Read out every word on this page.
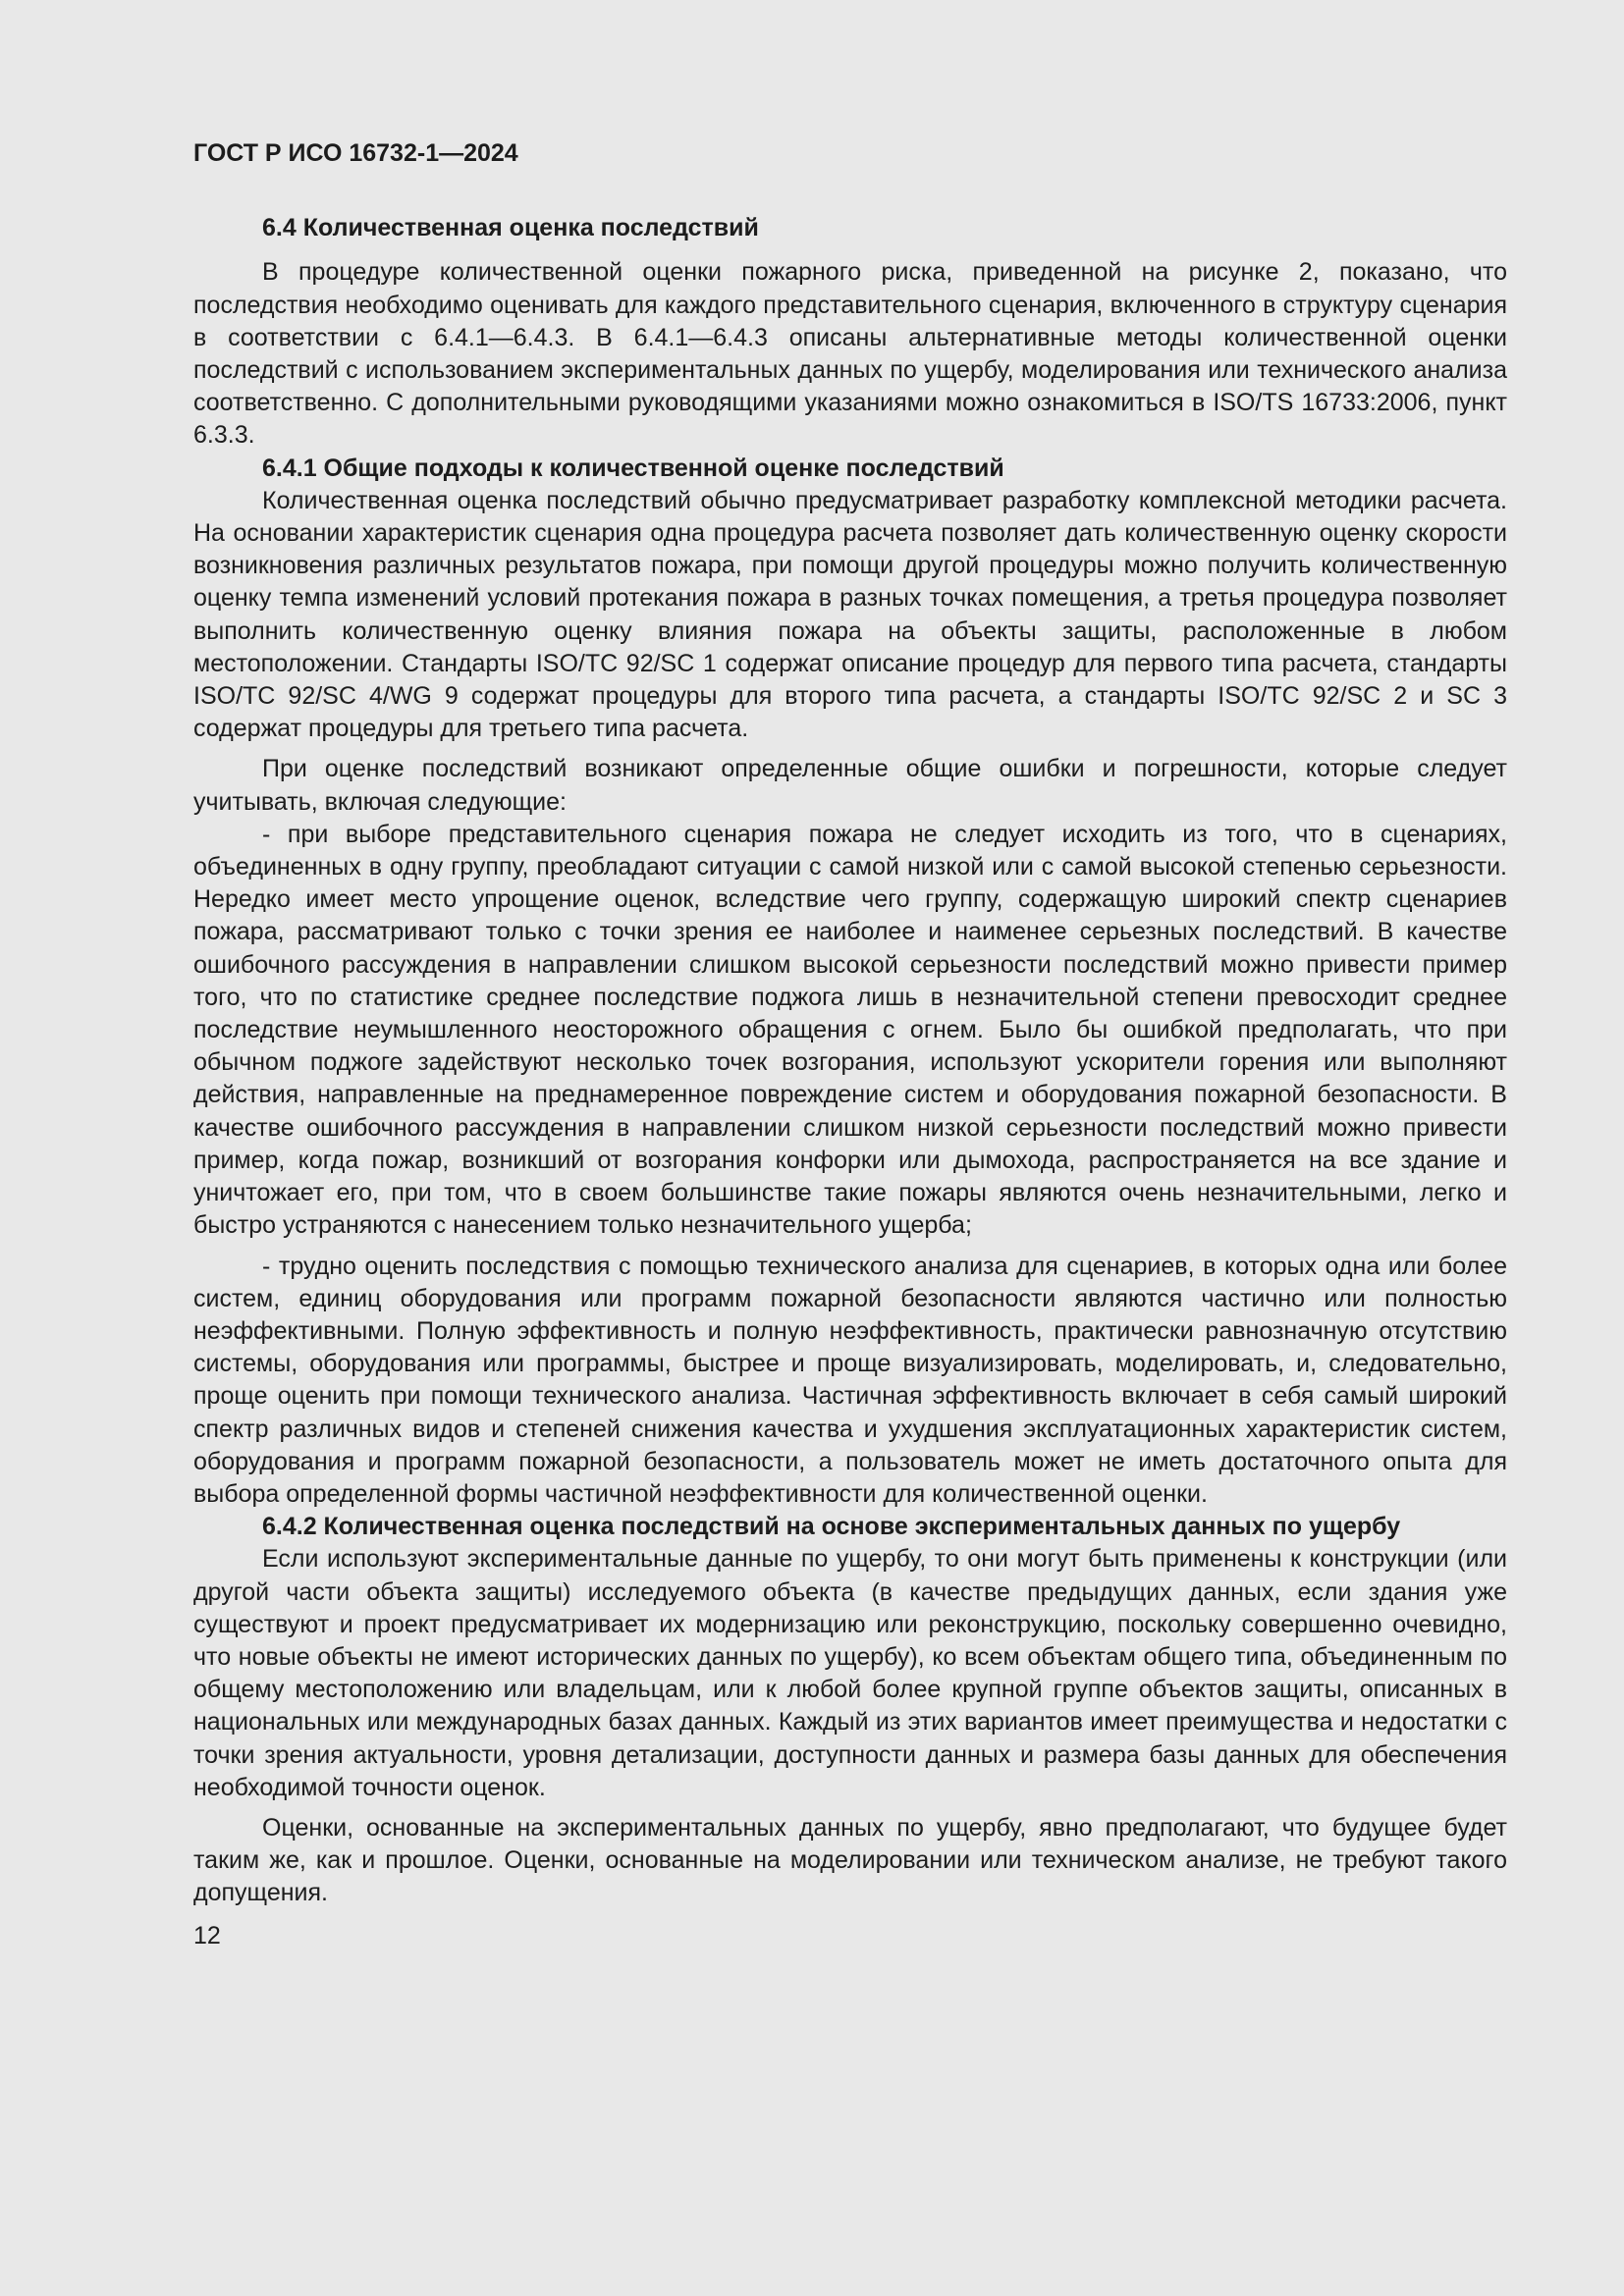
ГОСТ Р ИСО 16732-1—2024
6.4 Количественная оценка последствий

В процедуре количественной оценки пожарного риска, приведенной на рисунке 2, показано, что последствия необходимо оценивать для каждого представительного сценария, включенного в структуру сценария в соответствии с 6.4.1—6.4.3. В 6.4.1—6.4.3 описаны альтернативные методы количественной оценки последствий с использованием экспериментальных данных по ущербу, моделирования или технического анализа соответственно. С дополнительными руководящими указаниями можно ознакомиться в ISO/TS 16733:2006, пункт 6.3.3.

6.4.1 Общие подходы к количественной оценке последствий

Количественная оценка последствий обычно предусматривает разработку комплексной методики расчета. На основании характеристик сценария одна процедура расчета позволяет дать количественную оценку скорости возникновения различных результатов пожара, при помощи другой процедуры можно получить количественную оценку темпа изменений условий протекания пожара в разных точках помещения, а третья процедура позволяет выполнить количественную оценку влияния пожара на объекты защиты, расположенные в любом местоположении. Стандарты ISO/TC 92/SC 1 содержат описание процедур для первого типа расчета, стандарты ISO/TC 92/SC 4/WG 9 содержат процедуры для второго типа расчета, а стандарты ISO/TC 92/SC 2 и SC 3 содержат процедуры для третьего типа расчета.

При оценке последствий возникают определенные общие ошибки и погрешности, которые следует учитывать, включая следующие:

- при выборе представительного сценария пожара не следует исходить из того, что в сценариях, объединенных в одну группу, преобладают ситуации с самой низкой или с самой высокой степенью серьезности. Нередко имеет место упрощение оценок, вследствие чего группу, содержащую широкий спектр сценариев пожара, рассматривают только с точки зрения ее наиболее и наименее серьезных последствий. В качестве ошибочного рассуждения в направлении слишком высокой серьезности последствий можно привести пример того, что по статистике среднее последствие поджога лишь в незначительной степени превосходит среднее последствие неумышленного неосторожного обращения с огнем. Было бы ошибкой предполагать, что при обычном поджоге задействуют несколько точек возгорания, используют ускорители горения или выполняют действия, направленные на преднамеренное повреждение систем и оборудования пожарной безопасности. В качестве ошибочного рассуждения в направлении слишком низкой серьезности последствий можно привести пример, когда пожар, возникший от возгорания конфорки или дымохода, распространяется на все здание и уничтожает его, при том, что в своем большинстве такие пожары являются очень незначительными, легко и быстро устраняются с нанесением только незначительного ущерба;

- трудно оценить последствия с помощью технического анализа для сценариев, в которых одна или более систем, единиц оборудования или программ пожарной безопасности являются частично или полностью неэффективными. Полную эффективность и полную неэффективность, практически равнозначную отсутствию системы, оборудования или программы, быстрее и проще визуализировать, моделировать, и, следовательно, проще оценить при помощи технического анализа. Частичная эффективность включает в себя самый широкий спектр различных видов и степеней снижения качества и ухудшения эксплуатационных характеристик систем, оборудования и программ пожарной безопасности, а пользователь может не иметь достаточного опыта для выбора определенной формы частичной неэффективности для количественной оценки.

6.4.2 Количественная оценка последствий на основе экспериментальных данных по ущербу

Если используют экспериментальные данные по ущербу, то они могут быть применены к конструкции (или другой части объекта защиты) исследуемого объекта (в качестве предыдущих данных, если здания уже существуют и проект предусматривает их модернизацию или реконструкцию, поскольку совершенно очевидно, что новые объекты не имеют исторических данных по ущербу), ко всем объектам общего типа, объединенным по общему местоположению или владельцам, или к любой более крупной группе объектов защиты, описанных в национальных или международных базах данных. Каждый из этих вариантов имеет преимущества и недостатки с точки зрения актуальности, уровня детализации, доступности данных и размера базы данных для обеспечения необходимой точности оценок.

Оценки, основанные на экспериментальных данных по ущербу, явно предполагают, что будущее будет таким же, как и прошлое. Оценки, основанные на моделировании или техническом анализе, не требуют такого допущения.

12
